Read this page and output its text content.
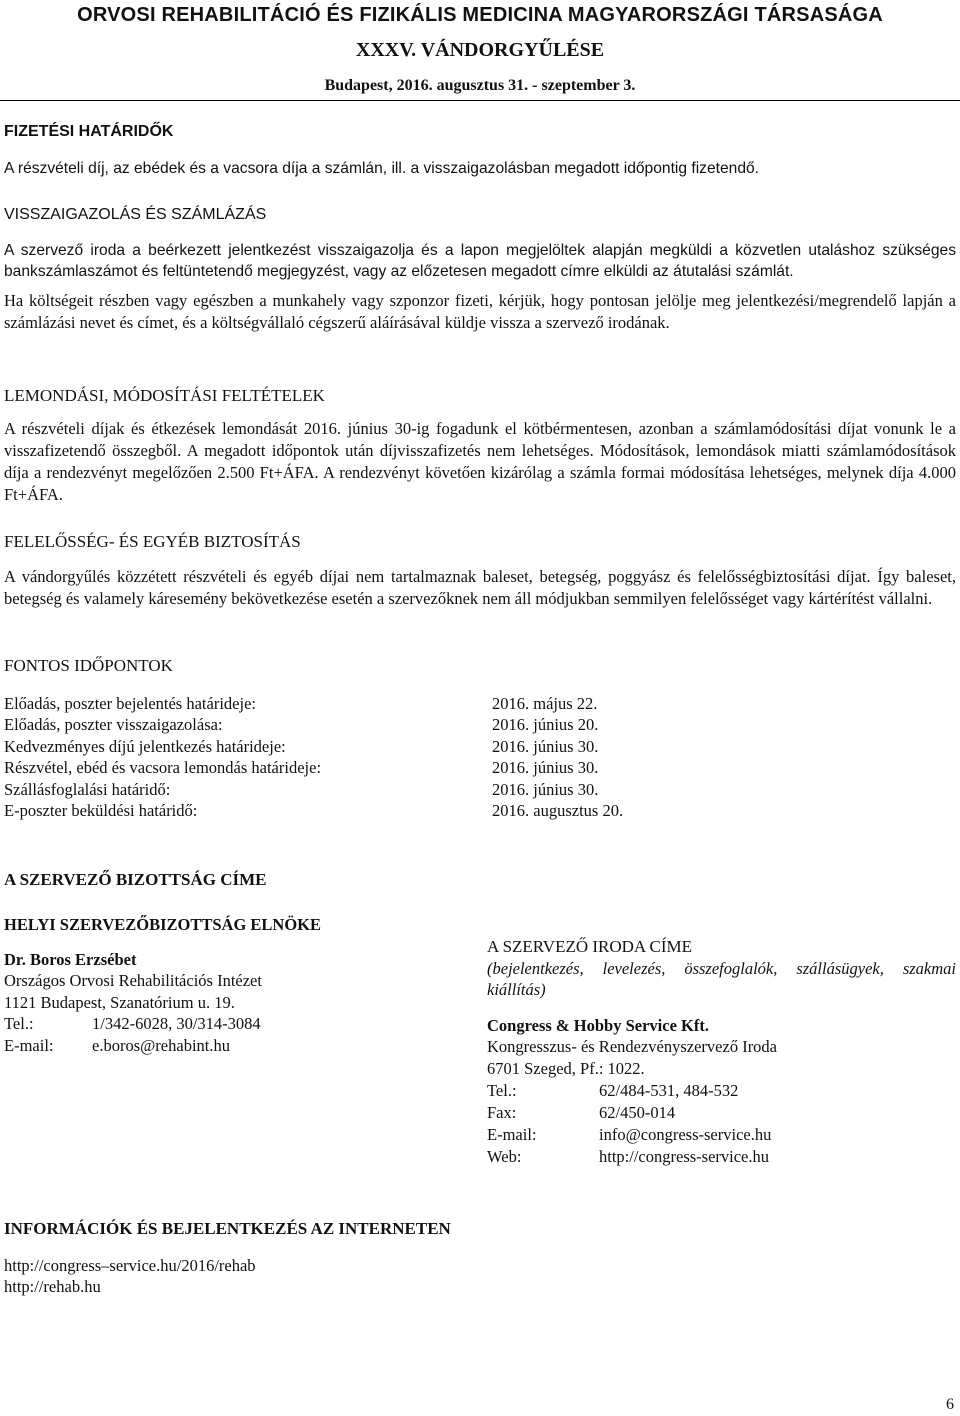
ORVOSI REHABILITÁCIÓ ÉS FIZIKÁLIS MEDICINA MAGYARORSZÁGI TÁRSASÁGA
XXXV. VÁNDORGYŰLÉSE
Budapest, 2016. augusztus 31. - szeptember 3.
FIZETÉSI HATÁRIDŐK

A részvételi díj, az ebédek és a vacsora díja a számlán, ill. a visszaigazolásban megadott időpontig fizetendő.

VISSZAIGAZOLÁS ÉS SZÁMLÁZÁS

A szervező iroda a beérkezett jelentkezést visszaigazolja és a lapon megjelöltek alapján megküldi a közvetlen utaláshoz szükséges bankszámlaszámot és feltüntetendő megjegyzést, vagy az előzetesen megadott címre elküldi az átutalási számlát.

Ha költségeit részben vagy egészben a munkahely vagy szponzor fizeti, kérjük, hogy pontosan jelölje meg jelentkezési/megrendelő lapján a számlázási nevet és címet, és a költségvállaló cégszerű aláírásával küldje vissza a szervező irodának.

LEMONDÁSI, MÓDOSÍTÁSI FELTÉTELEK

A részvételi díjak és étkezések lemondását 2016. június 30-ig fogadunk el kötbérmentesen, azonban a számlamódosítási díjat vonunk le a visszafizetendő összegből. A megadott időpontok után díjvisszafizetés nem lehetséges. Módosítások, lemondások miatti számlamódosítások díja a rendezvényt megelőzően 2.500 Ft+ÁFA. A rendezvényt követően kizárólag a számla formai módosítása lehetséges, melynek díja 4.000 Ft+ÁFA.

FELELŐSSÉG- ÉS EGYÉB BIZTOSÍTÁS

A vándorgyűlés közzétett részvételi és egyéb díjai nem tartalmaznak baleset, betegség, poggyász és felelősségbiztosítási díjat. Így baleset, betegség és valamely káresemény bekövetkezése esetén a szervezőknek nem áll módjukban semmilyen felelősséget vagy kártérítést vállalni.

FONTOS IDŐPONTOK
Előadás, poszter bejelentés határideje:	2016. május 22.
Előadás, poszter visszaigazolása:	2016. június 20.
Kedvezményes díjú jelentkezés határideje:	2016. június 30.
Részvétel, ebéd és vacsora lemondás határideje:	2016. június 30.
Szállásfoglalási határidő:	2016. június 30.
E-poszter beküldési határidő:	2016. augusztus 20.
A SZERVEZŐ BIZOTTSÁG CÍME
HELYI SZERVEZŐBIZOTTSÁG ELNÖKE
Dr. Boros Erzsébet
Országos Orvosi Rehabilitációs Intézet
1121 Budapest, Szanatórium u. 19.
Tel.:	1/342-6028, 30/314-3084
E-mail:	e.boros@rehabint.hu
A SZERVEZŐ IRODA CÍME
(bejelentkezés, levelezés, összefoglalók, szállásügyek, szakmai kiállítás)
Congress & Hobby Service Kft.
Kongresszus- és Rendezvényszervező Iroda
6701 Szeged, Pf.: 1022.
Tel.:	62/484-531, 484-532
Fax:	62/450-014
E-mail:	info@congress-service.hu
Web:	http://congress-service.hu
INFORMÁCIÓK ÉS BEJELENTKEZÉS AZ INTERNETEN
http://congress–service.hu/2016/rehab
http://rehab.hu
6
